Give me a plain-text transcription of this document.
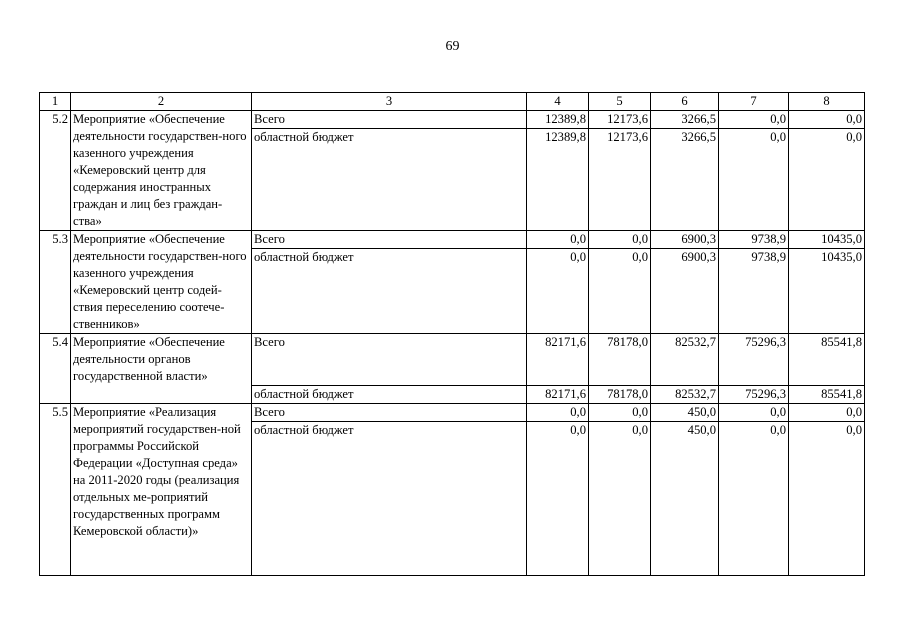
69
1	2	3	4	5	6	7	8
5.2	Мероприятие «Обеспечение деятельности государствен-ного казенного учреждения «Кемеровский центр для содержания иностранных граждан и лиц без граждан-ства»	Всего	12389,8	12173,6	3266,5	0,0	0,0
		областной бюджет	12389,8	12173,6	3266,5	0,0	0,0
5.3	Мероприятие «Обеспечение деятельности государствен-ного казенного учреждения «Кемеровский центр содей-ствия переселению соотече-ственников»	Всего	0,0	0,0	6900,3	9738,9	10435,0
		областной бюджет	0,0	0,0	6900,3	9738,9	10435,0
5.4	Мероприятие «Обеспечение деятельности органов государственной власти»	Всего	82171,6	78178,0	82532,7	75296,3	85541,8
		областной бюджет	82171,6	78178,0	82532,7	75296,3	85541,8
5.5	Мероприятие «Реализация мероприятий государствен-ной программы Российской Федерации «Доступная среда» на 2011-2020 годы (реализация отдельных ме-роприятий государственных программ Кемеровской области)»	Всего	0,0	0,0	450,0	0,0	0,0
		областной бюджет	0,0	0,0	450,0	0,0	0,0
